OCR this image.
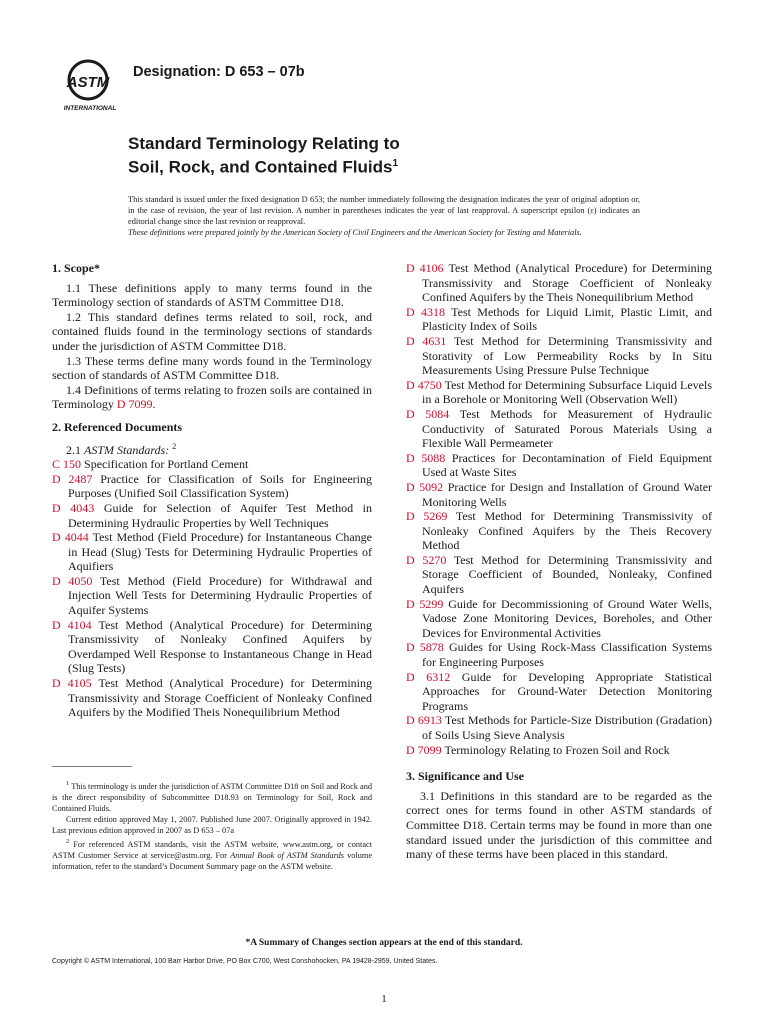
ASTM
INTERNATIONAL
Designation: D 653 – 07b
Standard Terminology Relating to
Soil, Rock, and Contained Fluids$^1$
This standard is issued under the fixed designation D 653; the number immediately following the designation indicates the year of original adoption or, in the case of revision, the year of last revision. A number in parentheses indicates the year of last reapproval. A superscript epsilon (ε) indicates an editorial change since the last revision or reapproval.
These definitions were prepared jointly by the American Society of Civil Engineers and the American Society for Testing and Materials.
1. Scope*

1.1 These definitions apply to many terms found in the Terminology section of standards of ASTM Committee D18.

1.2 This standard defines terms related to soil, rock, and contained fluids found in the terminology sections of standards under the jurisdiction of ASTM Committee D18.

1.3 These terms define many words found in the Terminology section of standards of ASTM Committee D18.

1.4 Definitions of terms relating to frozen soils are contained in Terminology D 7099.

2. Referenced Documents

2.1 ASTM Standards: $^2$

C 150 Specification for Portland Cement

D 2487 Practice for Classification of Soils for Engineering Purposes (Unified Soil Classification System)

D 4043 Guide for Selection of Aquifer Test Method in Determining Hydraulic Properties by Well Techniques

D 4044 Test Method (Field Procedure) for Instantaneous Change in Head (Slug) Tests for Determining Hydraulic Properties of Aquifiers

D 4050 Test Method (Field Procedure) for Withdrawal and Injection Well Tests for Determining Hydraulic Properties of Aquifer Systems

D 4104 Test Method (Analytical Procedure) for Determining Transmissivity of Nonleaky Confined Aquifers by Overdamped Well Response to Instantaneous Change in Head (Slug Tests)

D 4105 Test Method (Analytical Procedure) for Determining Transmissivity and Storage Coefficient of Nonleaky Confined Aquifers by the Modified Theis Nonequilibrium Method

D 4106 Test Method (Analytical Procedure) for Determining Transmissivity and Storage Coefficient of Nonleaky Confined Aquifers by the Theis Nonequilibrium Method

D 4318 Test Methods for Liquid Limit, Plastic Limit, and Plasticity Index of Soils

D 4631 Test Method for Determining Transmissivity and Storativity of Low Permeability Rocks by In Situ Measurements Using Pressure Pulse Technique

D 4750 Test Method for Determining Subsurface Liquid Levels in a Borehole or Monitoring Well (Observation Well)

D 5084 Test Methods for Measurement of Hydraulic Conductivity of Saturated Porous Materials Using a Flexible Wall Permeameter

D 5088 Practices for Decontamination of Field Equipment Used at Waste Sites

D 5092 Practice for Design and Installation of Ground Water Monitoring Wells

D 5269 Test Method for Determining Transmissivity of Nonleaky Confined Aquifers by the Theis Recovery Method

D 5270 Test Method for Determining Transmissivity and Storage Coefficient of Bounded, Nonleaky, Confined Aquifers

D 5299 Guide for Decommissioning of Ground Water Wells, Vadose Zone Monitoring Devices, Boreholes, and Other Devices for Environmental Activities

D 5878 Guides for Using Rock-Mass Classification Systems for Engineering Purposes

D 6312 Guide for Developing Appropriate Statistical Approaches for Ground-Water Detection Monitoring Programs

D 6913 Test Methods for Particle-Size Distribution (Gradation) of Soils Using Sieve Analysis

D 7099 Terminology Relating to Frozen Soil and Rock

3. Significance and Use

3.1 Definitions in this standard are to be regarded as the correct ones for terms found in other ASTM standards of Committee D18. Certain terms may be found in more than one standard issued under the jurisdiction of this committee and many of these terms have been placed in this standard.

$^1$ This terminology is under the jurisdiction of ASTM Committee D18 on Soil and Rock and is the direct responsibility of Subcommittee D18.93 on Terminology for Soil, Rock and Contained Fluids.

Current edition approved May 1, 2007. Published June 2007. Originally approved in 1942. Last previous edition approved in 2007 as D 653 – 07a

$^2$ For referenced ASTM standards, visit the ASTM website, www.astm.org, or contact ASTM Customer Service at service@astm.org. For Annual Book of ASTM Standards volume information, refer to the standard’s Document Summary page on the ASTM website.

*A Summary of Changes section appears at the end of this standard.
Copyright © ASTM International, 100 Barr Harbor Drive, PO Box C700, West Conshohocken, PA 19428-2959, United States.
1
